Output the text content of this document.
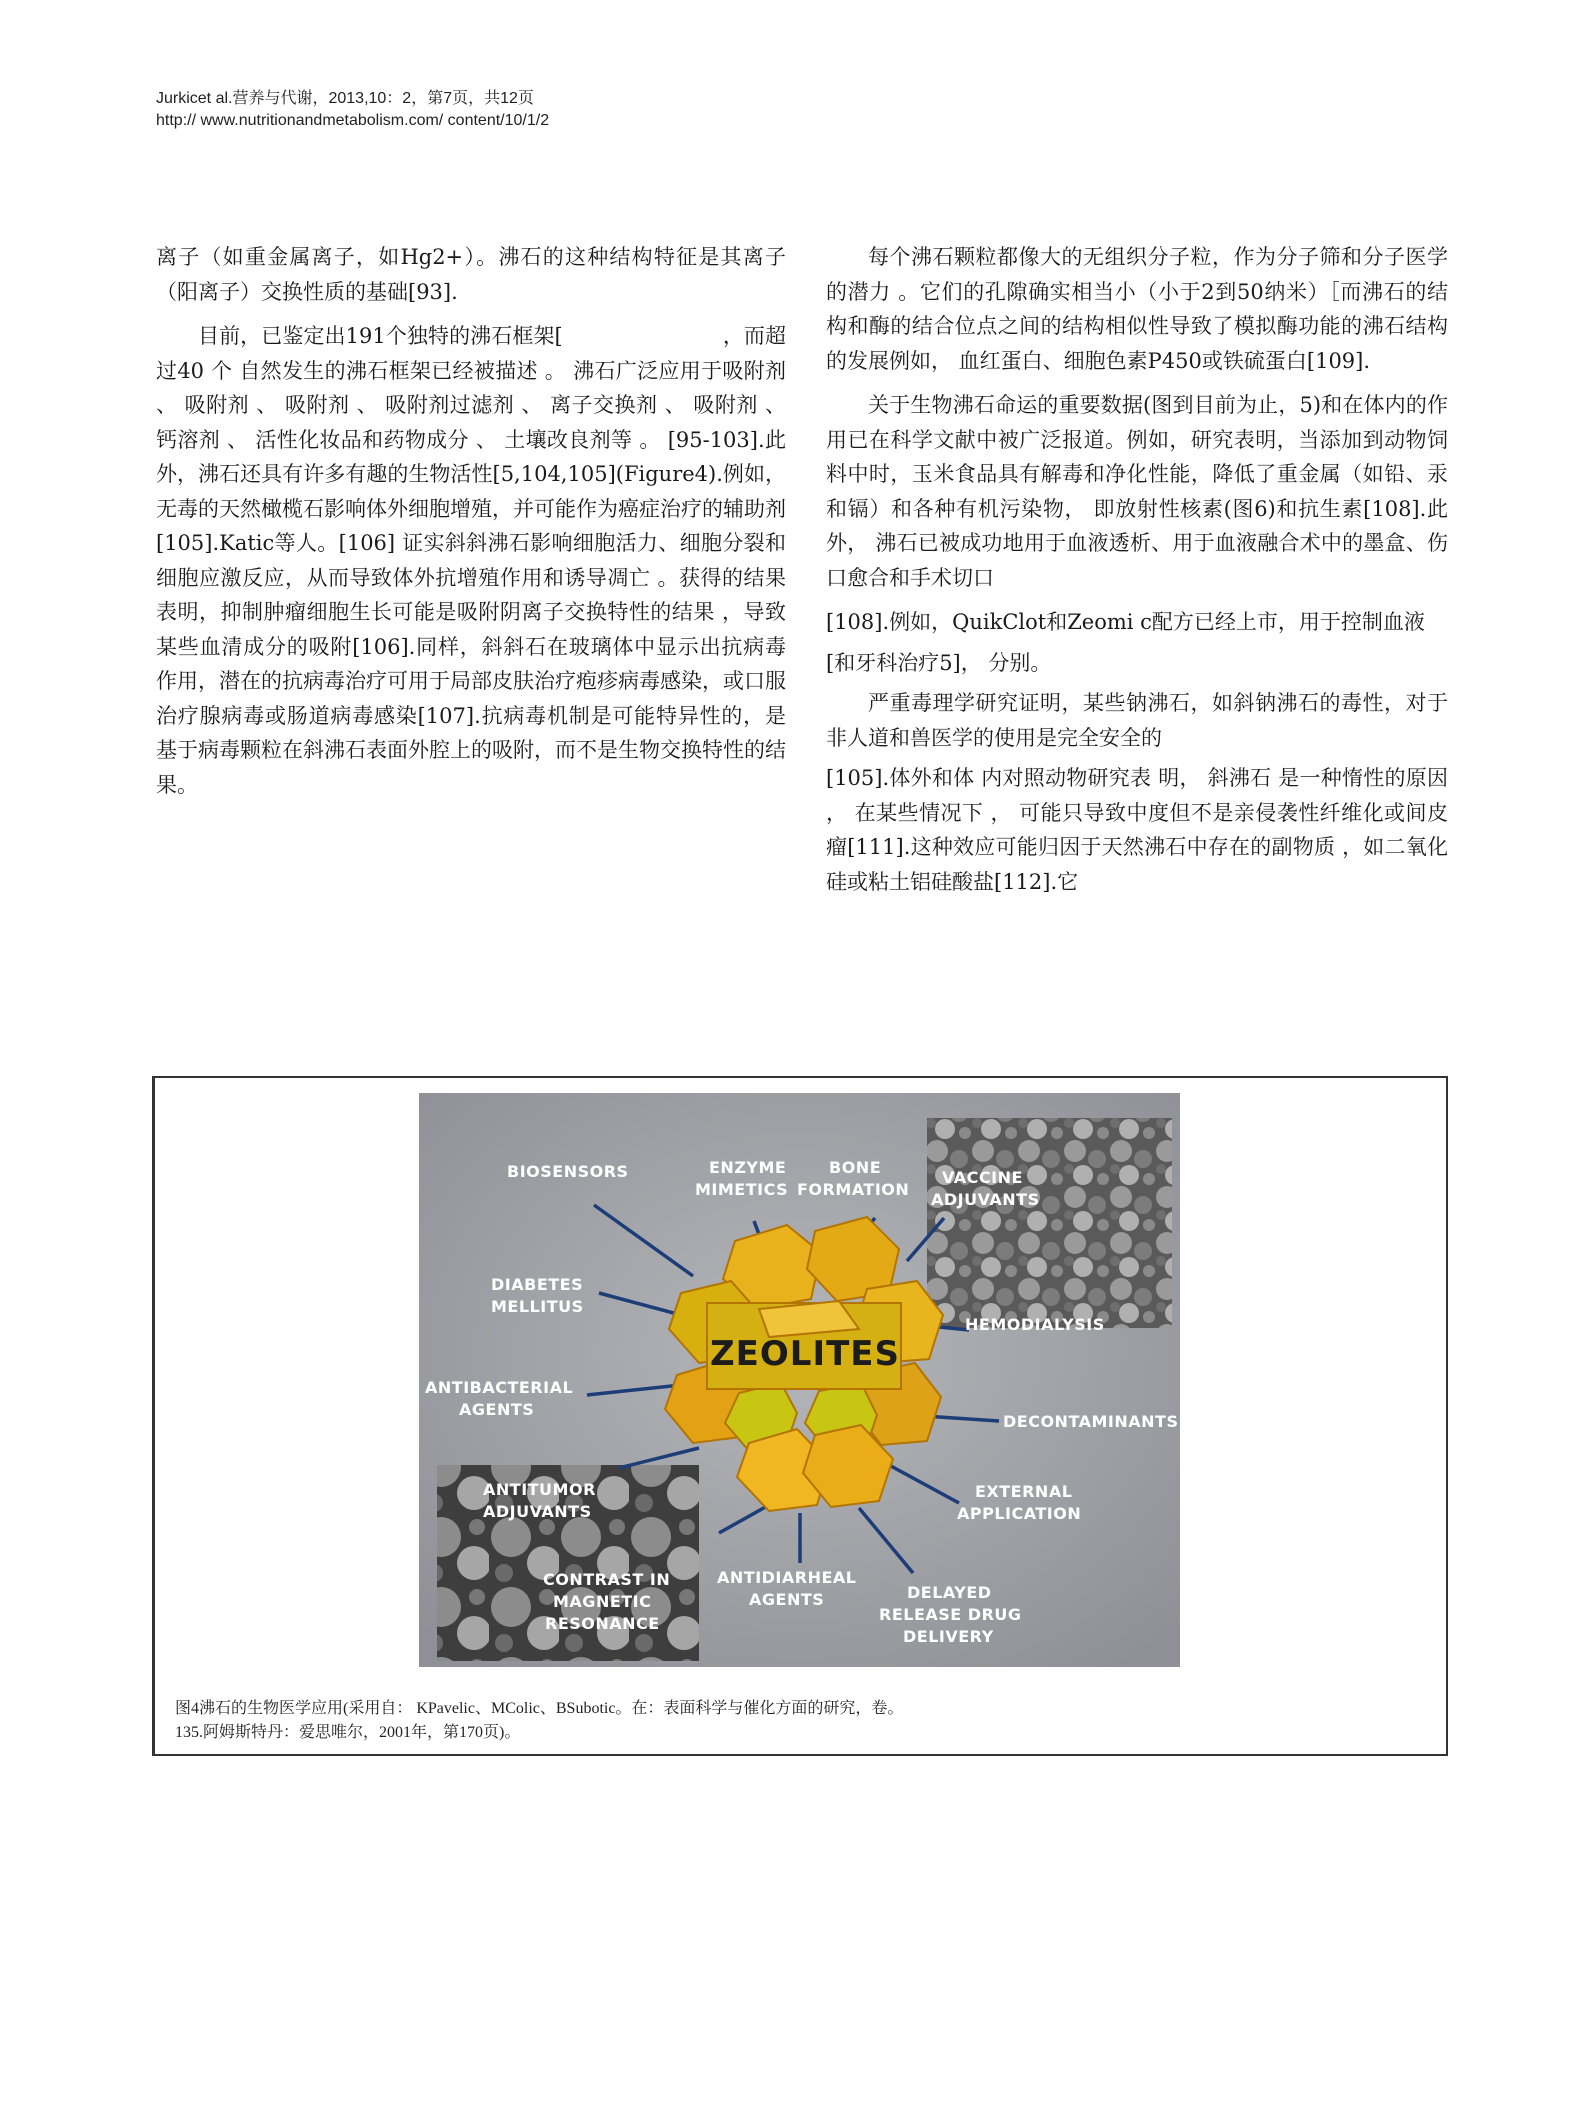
Jurkicet al.营养与代谢，2013,10：2，第7页，共12页
http:// www.nutritionandmetabolism.com/ content/10/1/2

离子（如重金属离子，如Hg2+）。沸石的这种结构特征是其离子（阳离子）交换性质的基础[93].

目前，已鉴定出191个独特的沸石框架[	，而超过40 个 自然发生的沸石框架已经被描述 。 沸石广泛应用于吸附剂 、 吸附剂 、 吸附剂 、 吸附剂过滤剂 、 离子交换剂 、 吸附剂 、 钙溶剂 、 活性化妆品和药物成分 、 土壤改良剂等 。 [95-103].此外，沸石还具有许多有趣的生物活性[5,104,105](Figure4).例如， 无毒的天然橄榄石影响体外细胞增殖，并可能作为癌症治疗的辅助剂[105].Katic等人。[106] 证实斜斜沸石影响细胞活力、细胞分裂和细胞应激反应，从而导致体外抗增殖作用和诱导凋亡 。获得的结果表明，抑制肿瘤细胞生长可能是吸附阴离子交换特性的结果 ，导致某些血清成分的吸附[106].同样，斜斜石在玻璃体中显示出抗病毒作用，潜在的抗病毒治疗可用于局部皮肤治疗疱疹病毒感染，或口服治疗腺病毒或肠道病毒感染[107].抗病毒机制是可能特异性的，是基于病毒颗粒在斜沸石表面外腔上的吸附，而不是生物交换特性的结果。

每个沸石颗粒都像大的无组织分子粒，作为分子筛和分子医学的潜力 。它们的孔隙确实相当小（小于2到50纳米）［而沸石的结构和酶的结合位点之间的结构相似性导致了模拟酶功能的沸石结构的发展例如， 血红蛋白、细胞色素P450或铁硫蛋白[109].

关于生物沸石命运的重要数据(图到目前为止，5)和在体内的作用已在科学文献中被广泛报道。例如，研究表明，当添加到动物饲料中时，玉米食品具有解毒和净化性能，降低了重金属（如铅、汞和镉）和各种有机污染物， 即放射性核素(图6)和抗生素[108].此外， 沸石已被成功地用于血液透析、用于血液融合术中的墨盒、伤口愈合和手术切口

[108].例如，QuikClot和Zeomi c配方已经上市，用于控制血液

[和牙科治疗5]， 分别。

严重毒理学研究证明，某些钠沸石，如斜钠沸石的毒性，对于非人道和兽医学的使用是完全安全的

[105].体外和体 内对照动物研究表 明， 斜沸石 是一种惰性的原因 ， 在某些情况下 ， 可能只导致中度但不是亲侵袭性纤维化或间皮瘤[111].这种效应可能归因于天然沸石中存在的副物质 ，如二氧化硅或粘土铝硅酸盐[112].它

ZEOLITES
BIOSENSORS	ENZYME
MIMETICS
BONE
FORMATION
VACCINE
ADJUVANTS
DIABETES
MELLITUS
HEMODIALYSIS
ANTIBACTERIAL
AGENTS
DECONTAMINANTS
ANTITUMOR
ADJUVANTS
EXTERNAL
APPLICATION
CONTRAST IN
MAGNETIC
RESONANCE
ANTIDIARHEAL
AGENTS	DELAYED
RELEASE DRUG
DELIVERY
图4沸石的生物医学应用(采用自： KPavelic、MColic、BSubotic。在：表面科学与催化方面的研究，卷。
135.阿姆斯特丹：爱思唯尔，2001年，第170页)。
